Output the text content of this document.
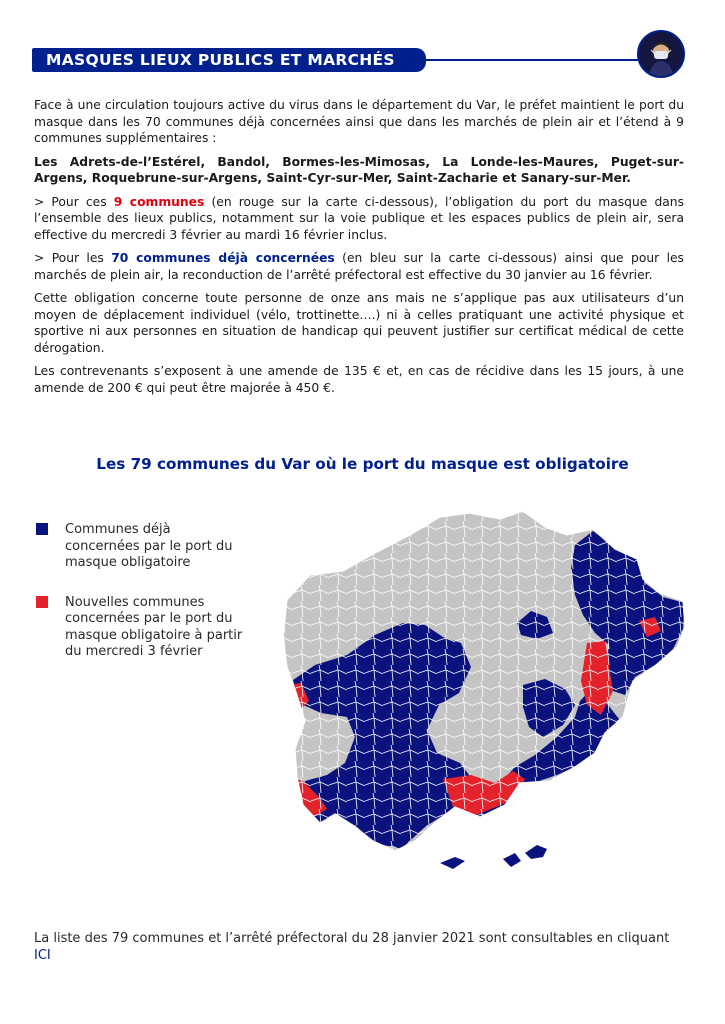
MASQUES LIEUX PUBLICS ET MARCHÉS

Face à une circulation toujours active du virus dans le département du Var, le préfet maintient le port du masque dans les 70 communes déjà concernées ainsi que dans les marchés de plein air et l’étend à 9 communes supplémentaires :

Les Adrets-de-l’Estérel, Bandol, Bormes-les-Mimosas, La Londe-les-Maures, Puget-sur-Argens, Roquebrune-sur-Argens, Saint-Cyr-sur-Mer, Saint-Zacharie et Sanary-sur-Mer.

> Pour ces 9 communes (en rouge sur la carte ci-dessous), l’obligation du port du masque dans l’ensemble des lieux publics, notamment sur la voie publique et les espaces publics de plein air, sera effective du mercredi 3 février au mardi 16 février inclus.

> Pour les 70 communes déjà concernées (en bleu sur la carte ci-dessous) ainsi que pour les marchés de plein air, la reconduction de l’arrêté préfectoral est effective du 30 janvier au 16 février.

Cette obligation concerne toute personne de onze ans mais ne s’applique pas aux utilisateurs d’un moyen de déplacement individuel (vélo, trottinette….) ni à celles pratiquant une activité physique et sportive ni aux personnes en situation de handicap qui peuvent justifier sur certificat médical de cette dérogation.

Les contrevenants s’exposent à une amende de 135 € et, en cas de récidive dans les 15 jours, à une amende de 200 € qui peut être majorée à 450 €.

Les 79 communes du Var où le port du masque est obligatoire
Communes déjà concernées par le port du masque obligatoire
Nouvelles communes concernées par le port du masque obligatoire à partir du mercredi 3 février
La liste des 79 communes et l’arrêté préfectoral du 28 janvier 2021 sont consultables en cliquant ICI
